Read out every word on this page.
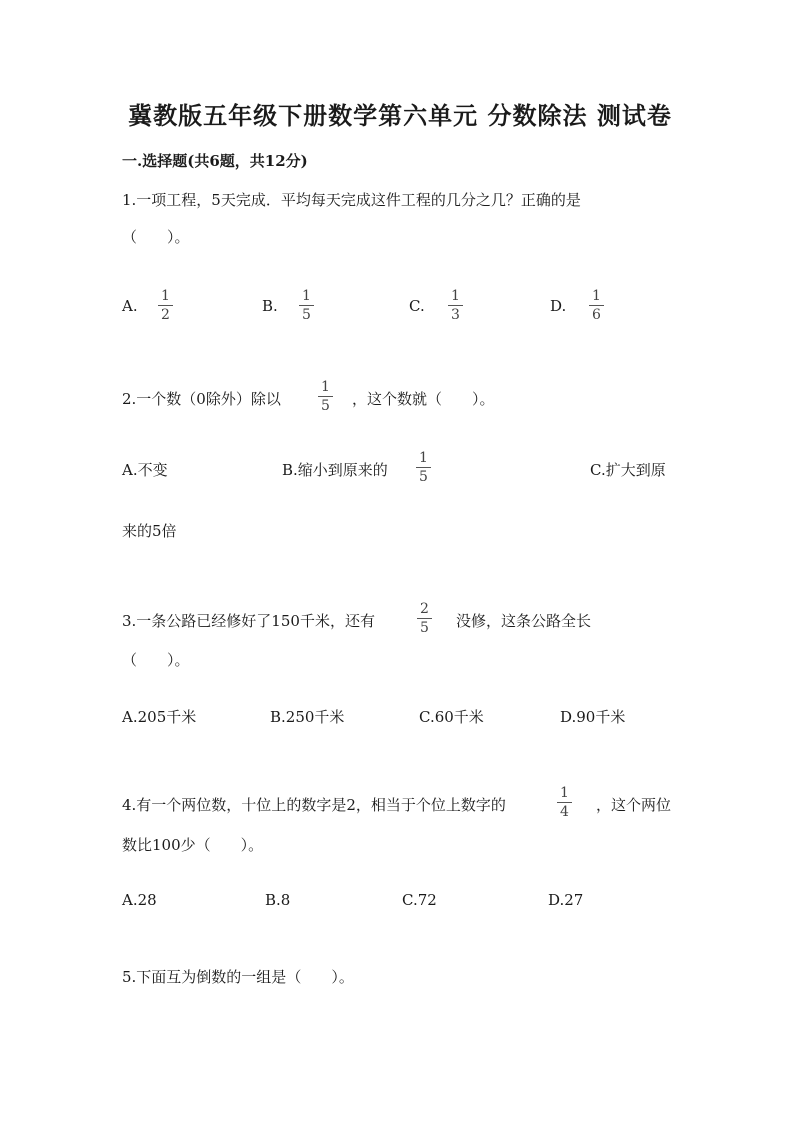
冀教版五年级下册数学第六单元 分数除法 测试卷
一.选择题(共6题，共12分)
1.一项工程，5天完成．平均每天完成这件工程的几分之几？正确的是
（　　）。
A. $\frac{1}{2}$	B. $\frac{1}{5}$	C. $\frac{1}{3}$	D. $\frac{1}{6}$
2.一个数（0除外）除以	$\frac{1}{5}$ ，这个数就（　　）。
A.不变	B.缩小到原来的 $\frac{1}{5}$	C.扩大到原
来的5倍
3.一条公路已经修好了150千米，还有	$\frac{2}{5}$ 没修，这条公路全长
（　　）。
A.205千米	B.250千米	C.60千米	D.90千米
4.有一个两位数，十位上的数字是2，相当于个位上数字的	$\frac{1}{4}$ ，这个两位
数比100少（　　）。
A.28	B.8	C.72	D.27
5.下面互为倒数的一组是（　　）。
